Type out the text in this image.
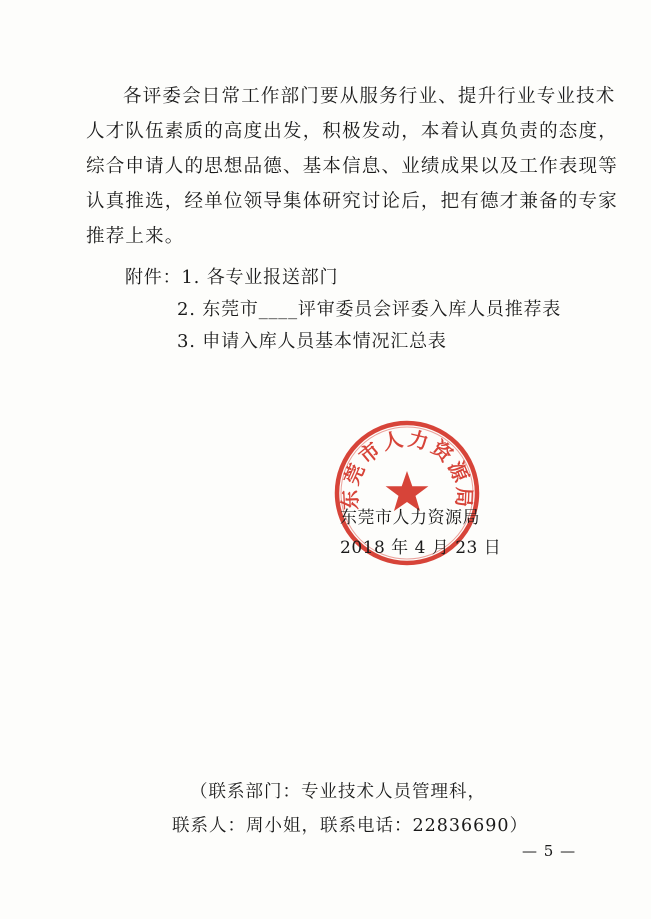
各评委会日常工作部门要从服务行业、提升行业专业技术
人才队伍素质的高度出发，积极发动，本着认真负责的态度，
综合申请人的思想品德、基本信息、业绩成果以及工作表现等
认真推选，经单位领导集体研究讨论后，把有德才兼备的专家
推荐上来。

附件：1. 各专业报送部门
2. 东莞市____评审委员会评委入库人员推荐表
3. 申请入库人员基本情况汇总表
东莞市人力资源局
东莞市人力资源局
2018 年 4 月 23 日
（联系部门：专业技术人员管理科，
联系人：周小姐，联系电话：22836690）
— 5 —
